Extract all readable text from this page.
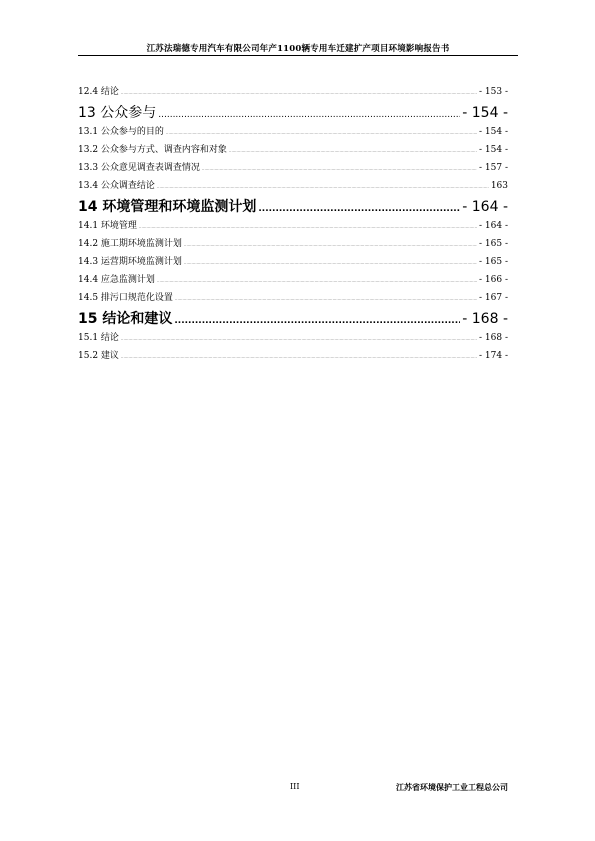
江苏法瑞德专用汽车有限公司年产1100辆专用车迁建扩产项目环境影响报告书
12.4 结论 .....	- 153 -
13 公众参与 .....	- 154 -
13.1 公众参与的目的 .....	- 154 -
13.2 公众参与方式、调查内容和对象 .....	- 154 -
13.3 公众意见调查表调查情况 .....	- 157 -
13.4 公众调查结论 .....	163
14 环境管理和环境监测计划 .....	- 164 -
14.1 环境管理 .....	- 164 -
14.2 施工期环境监测计划 .....	- 165 -
14.3 运营期环境监测计划 .....	- 165 -
14.4 应急监测计划 .....	- 166 -
14.5 排污口规范化设置 .....	- 167 -
15 结论和建议 .....	- 168 -
15.1 结论 .....	- 168 -
15.2 建议 .....	- 174 -
III	江苏省环境保护工业工程总公司
